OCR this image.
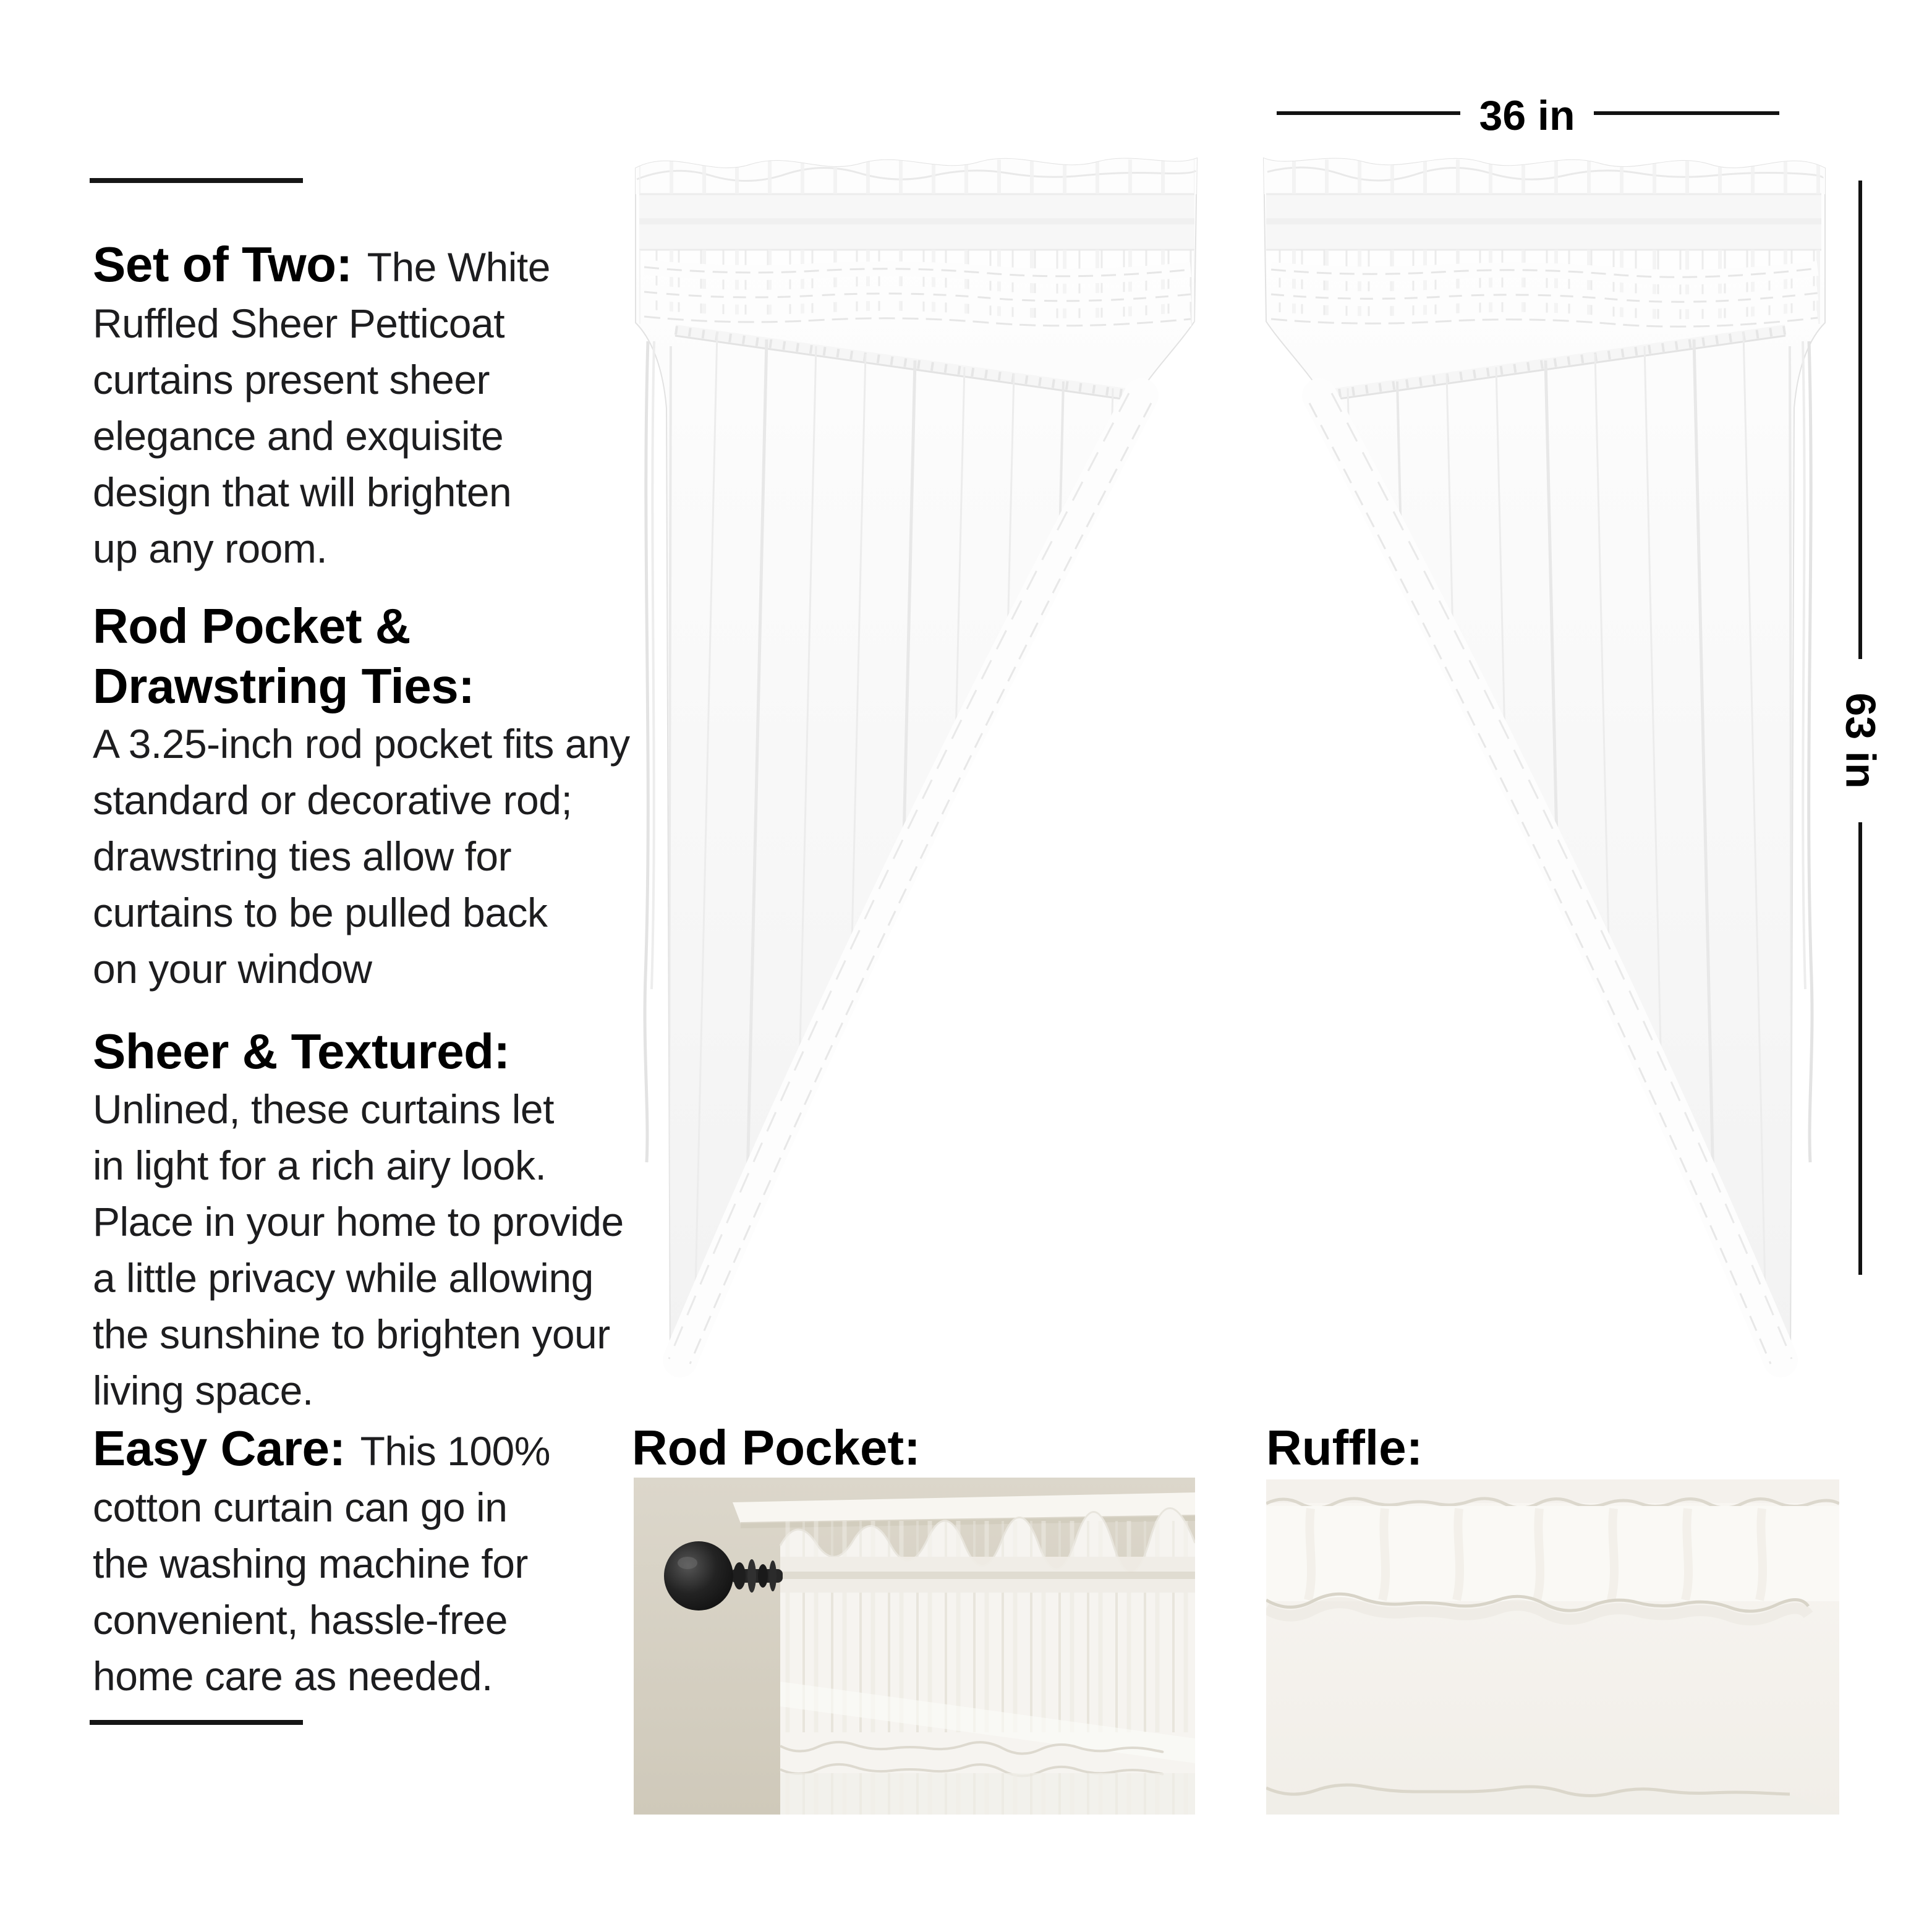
Set of Two: The White
Ruffled Sheer Petticoat
curtains present sheer
elegance and exquisite
design that will brighten
up any room.
Rod Pocket &
Drawstring Ties:
A 3.25-inch rod pocket fits any
standard or decorative rod;
drawstring ties allow for
curtains to be pulled back
on your window
Sheer & Textured:
Unlined, these curtains let
in light for a rich airy look.
Place in your home to provide
a little privacy while allowing
the sunshine to brighten your
living space.
Easy Care: This 100%
cotton curtain can go in
the washing machine for
convenient, hassle-free
home care as needed.
36 in
63 in
Rod Pocket:	Ruffle:
